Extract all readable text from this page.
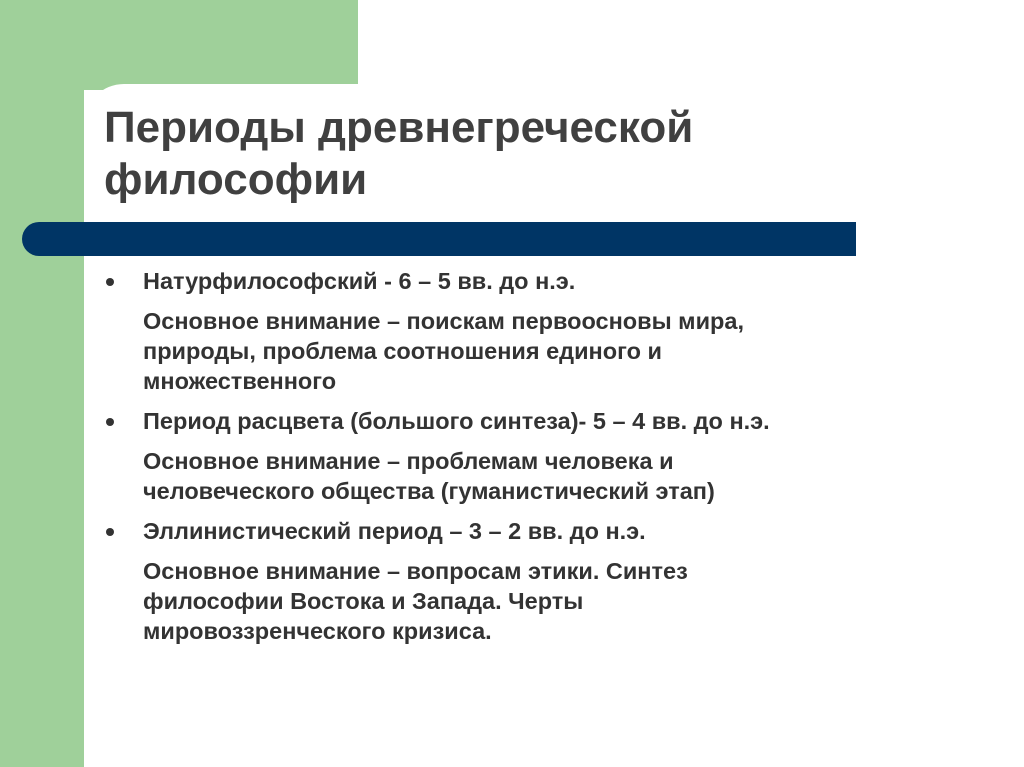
Периоды древнегреческой
философии

Натурфилософский - 6 – 5 вв. до н.э.

Основное внимание – поискам первоосновы мира,
природы, проблема соотношения единого и
множественного

Период расцвета (большого синтеза)- 5 – 4 вв. до н.э.

Основное внимание – проблемам человека и
человеческого общества (гуманистический этап)

Эллинистический период – 3 – 2 вв. до н.э.

Основное внимание – вопросам этики. Синтез
философии Востока и Запада. Черты
мировоззренческого кризиса.
